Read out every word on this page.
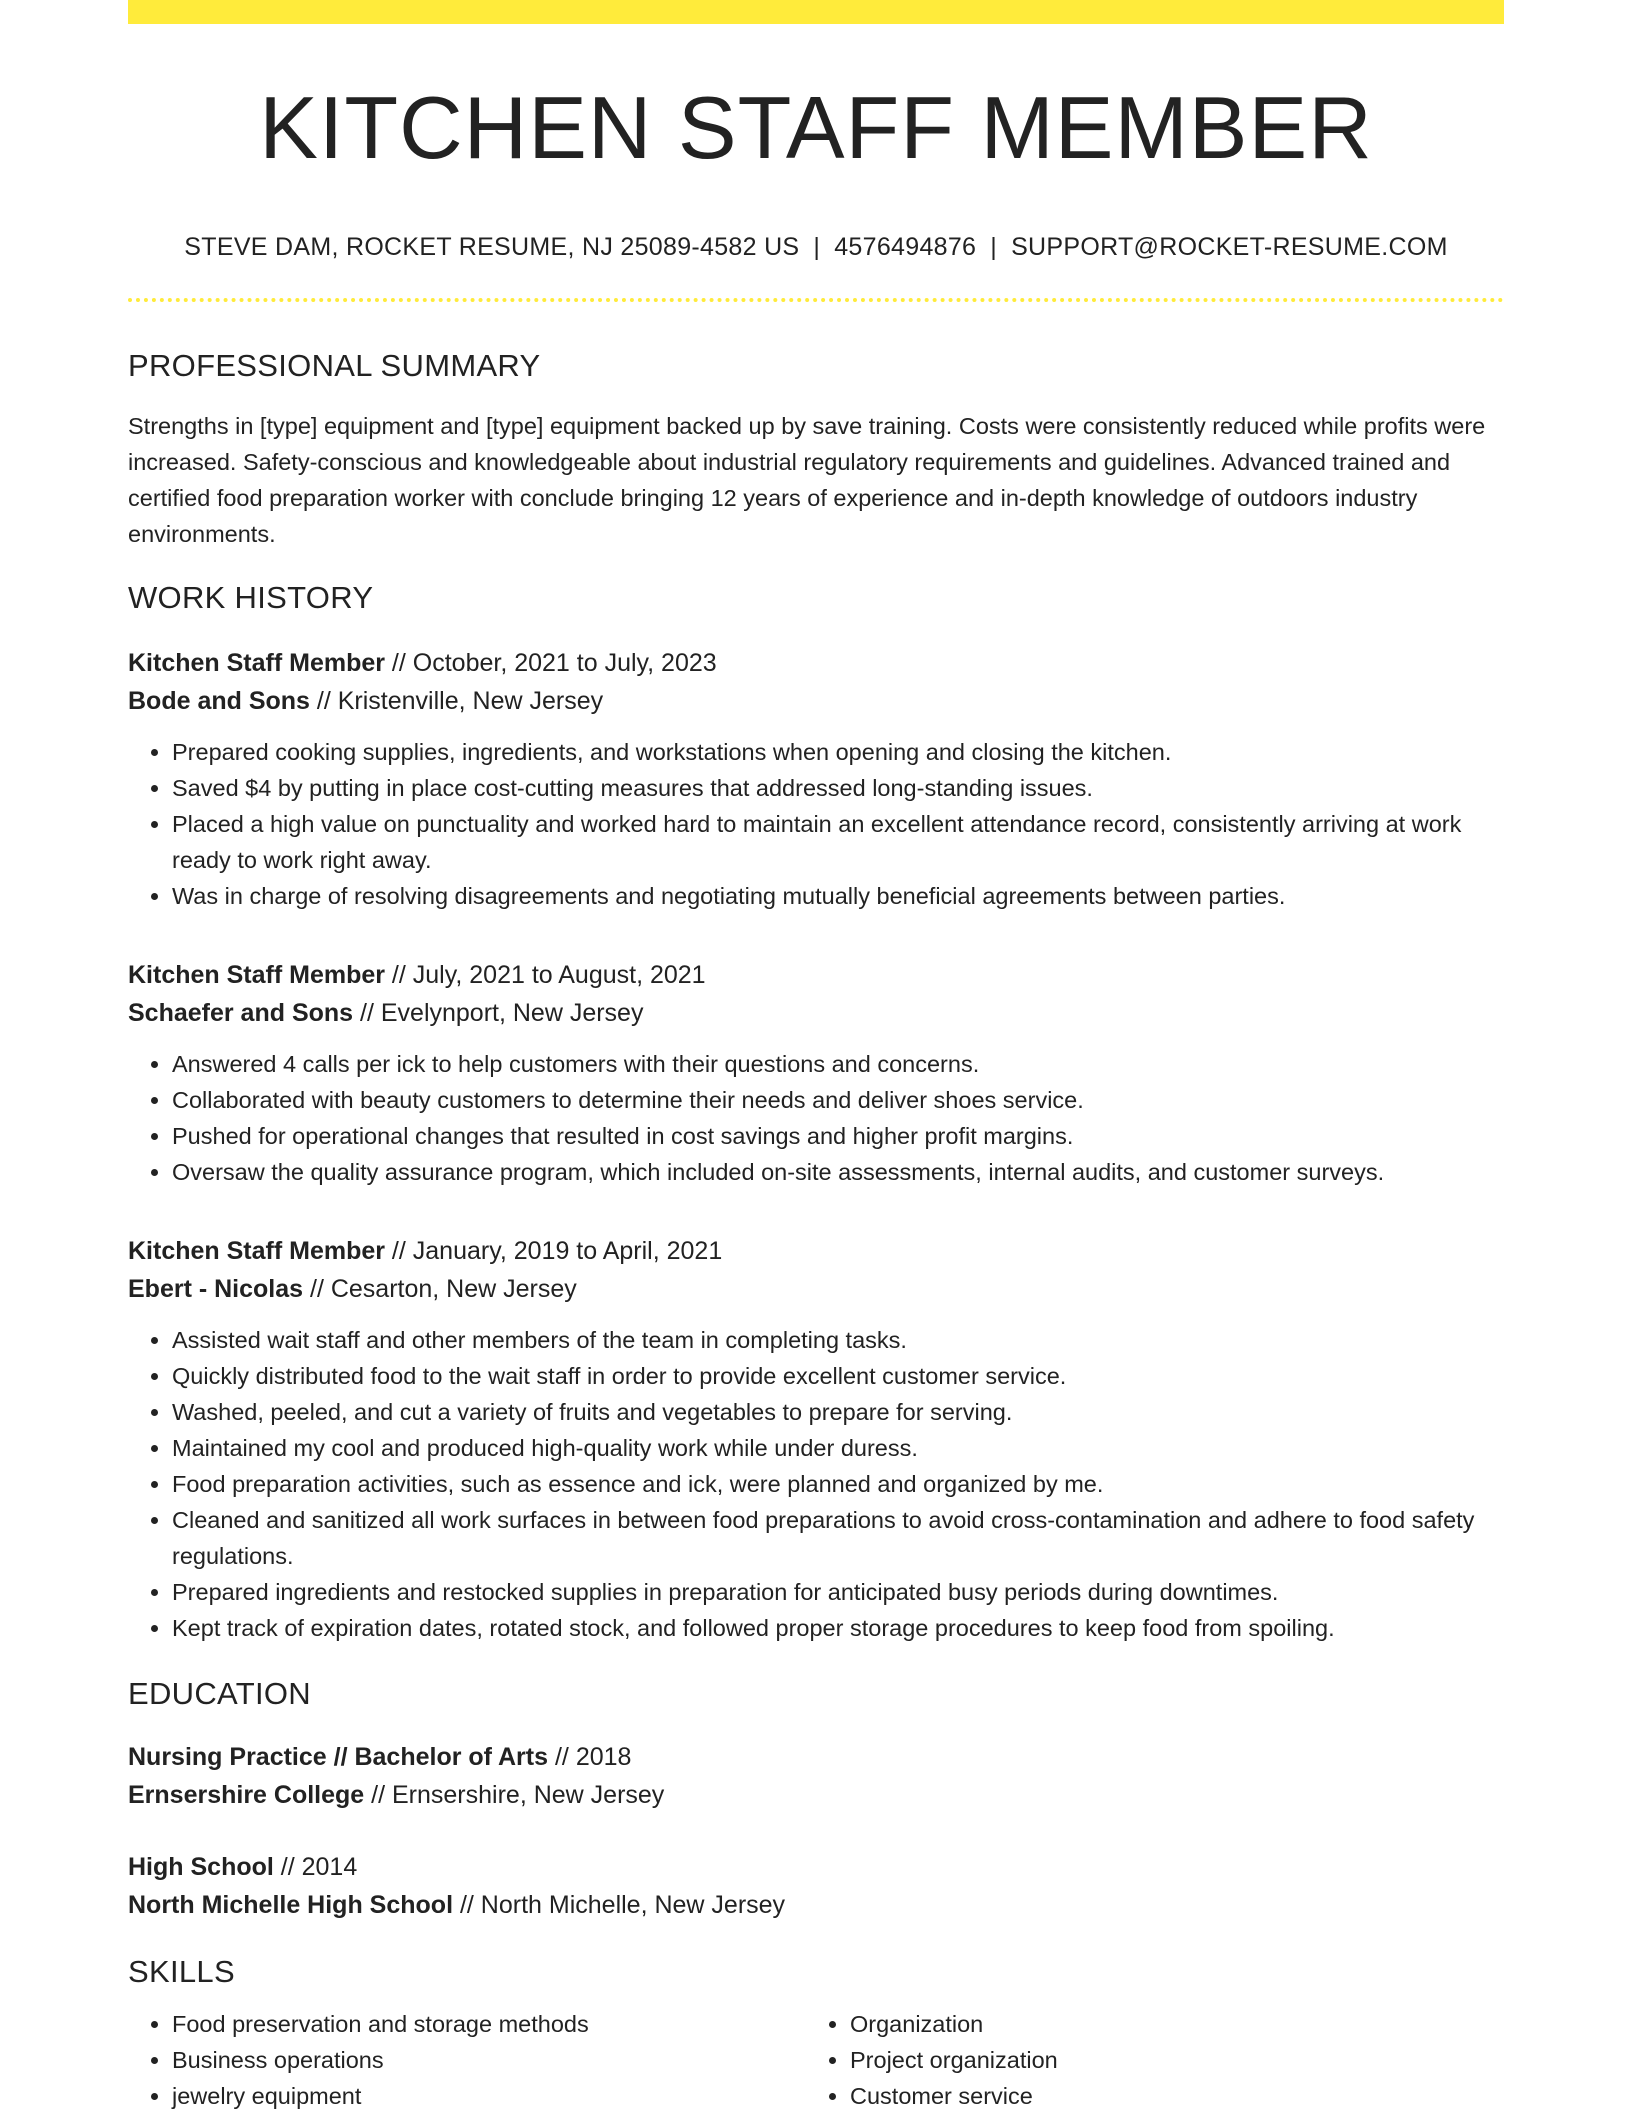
KITCHEN STAFF MEMBER
STEVE DAM, ROCKET RESUME, NJ 25089-4582 US | 4576494876 | SUPPORT@ROCKET-RESUME.COM
PROFESSIONAL SUMMARY

Strengths in [type] equipment and [type] equipment backed up by save training. Costs were consistently reduced while profits were increased. Safety-conscious and knowledgeable about industrial regulatory requirements and guidelines. Advanced trained and certified food preparation worker with conclude bringing 12 years of experience and in-depth knowledge of outdoors industry environments.

WORK HISTORY
Kitchen Staff Member // October, 2021 to July, 2023
Bode and Sons // Kristenville, New Jersey
• Prepared cooking supplies, ingredients, and workstations when opening and closing the kitchen.
• Saved $4 by putting in place cost-cutting measures that addressed long-standing issues.
• Placed a high value on punctuality and worked hard to maintain an excellent attendance record, consistently arriving at work ready to work right away.
• Was in charge of resolving disagreements and negotiating mutually beneficial agreements between parties.
Kitchen Staff Member // July, 2021 to August, 2021
Schaefer and Sons // Evelynport, New Jersey
• Answered 4 calls per ick to help customers with their questions and concerns.
• Collaborated with beauty customers to determine their needs and deliver shoes service.
• Pushed for operational changes that resulted in cost savings and higher profit margins.
• Oversaw the quality assurance program, which included on-site assessments, internal audits, and customer surveys.
Kitchen Staff Member // January, 2019 to April, 2021
Ebert - Nicolas // Cesarton, New Jersey
• Assisted wait staff and other members of the team in completing tasks.
• Quickly distributed food to the wait staff in order to provide excellent customer service.
• Washed, peeled, and cut a variety of fruits and vegetables to prepare for serving.
• Maintained my cool and produced high-quality work while under duress.
• Food preparation activities, such as essence and ick, were planned and organized by me.
• Cleaned and sanitized all work surfaces in between food preparations to avoid cross-contamination and adhere to food safety regulations.
• Prepared ingredients and restocked supplies in preparation for anticipated busy periods during downtimes.
• Kept track of expiration dates, rotated stock, and followed proper storage procedures to keep food from spoiling.
EDUCATION
Nursing Practice // Bachelor of Arts // 2018
Ernsershire College // Ernsershire, New Jersey
High School // 2014
North Michelle High School // North Michelle, New Jersey
SKILLS
• Food preservation and storage methods
• Business operations
• jewelry equipment
• Organization
• Project organization
• Customer service
